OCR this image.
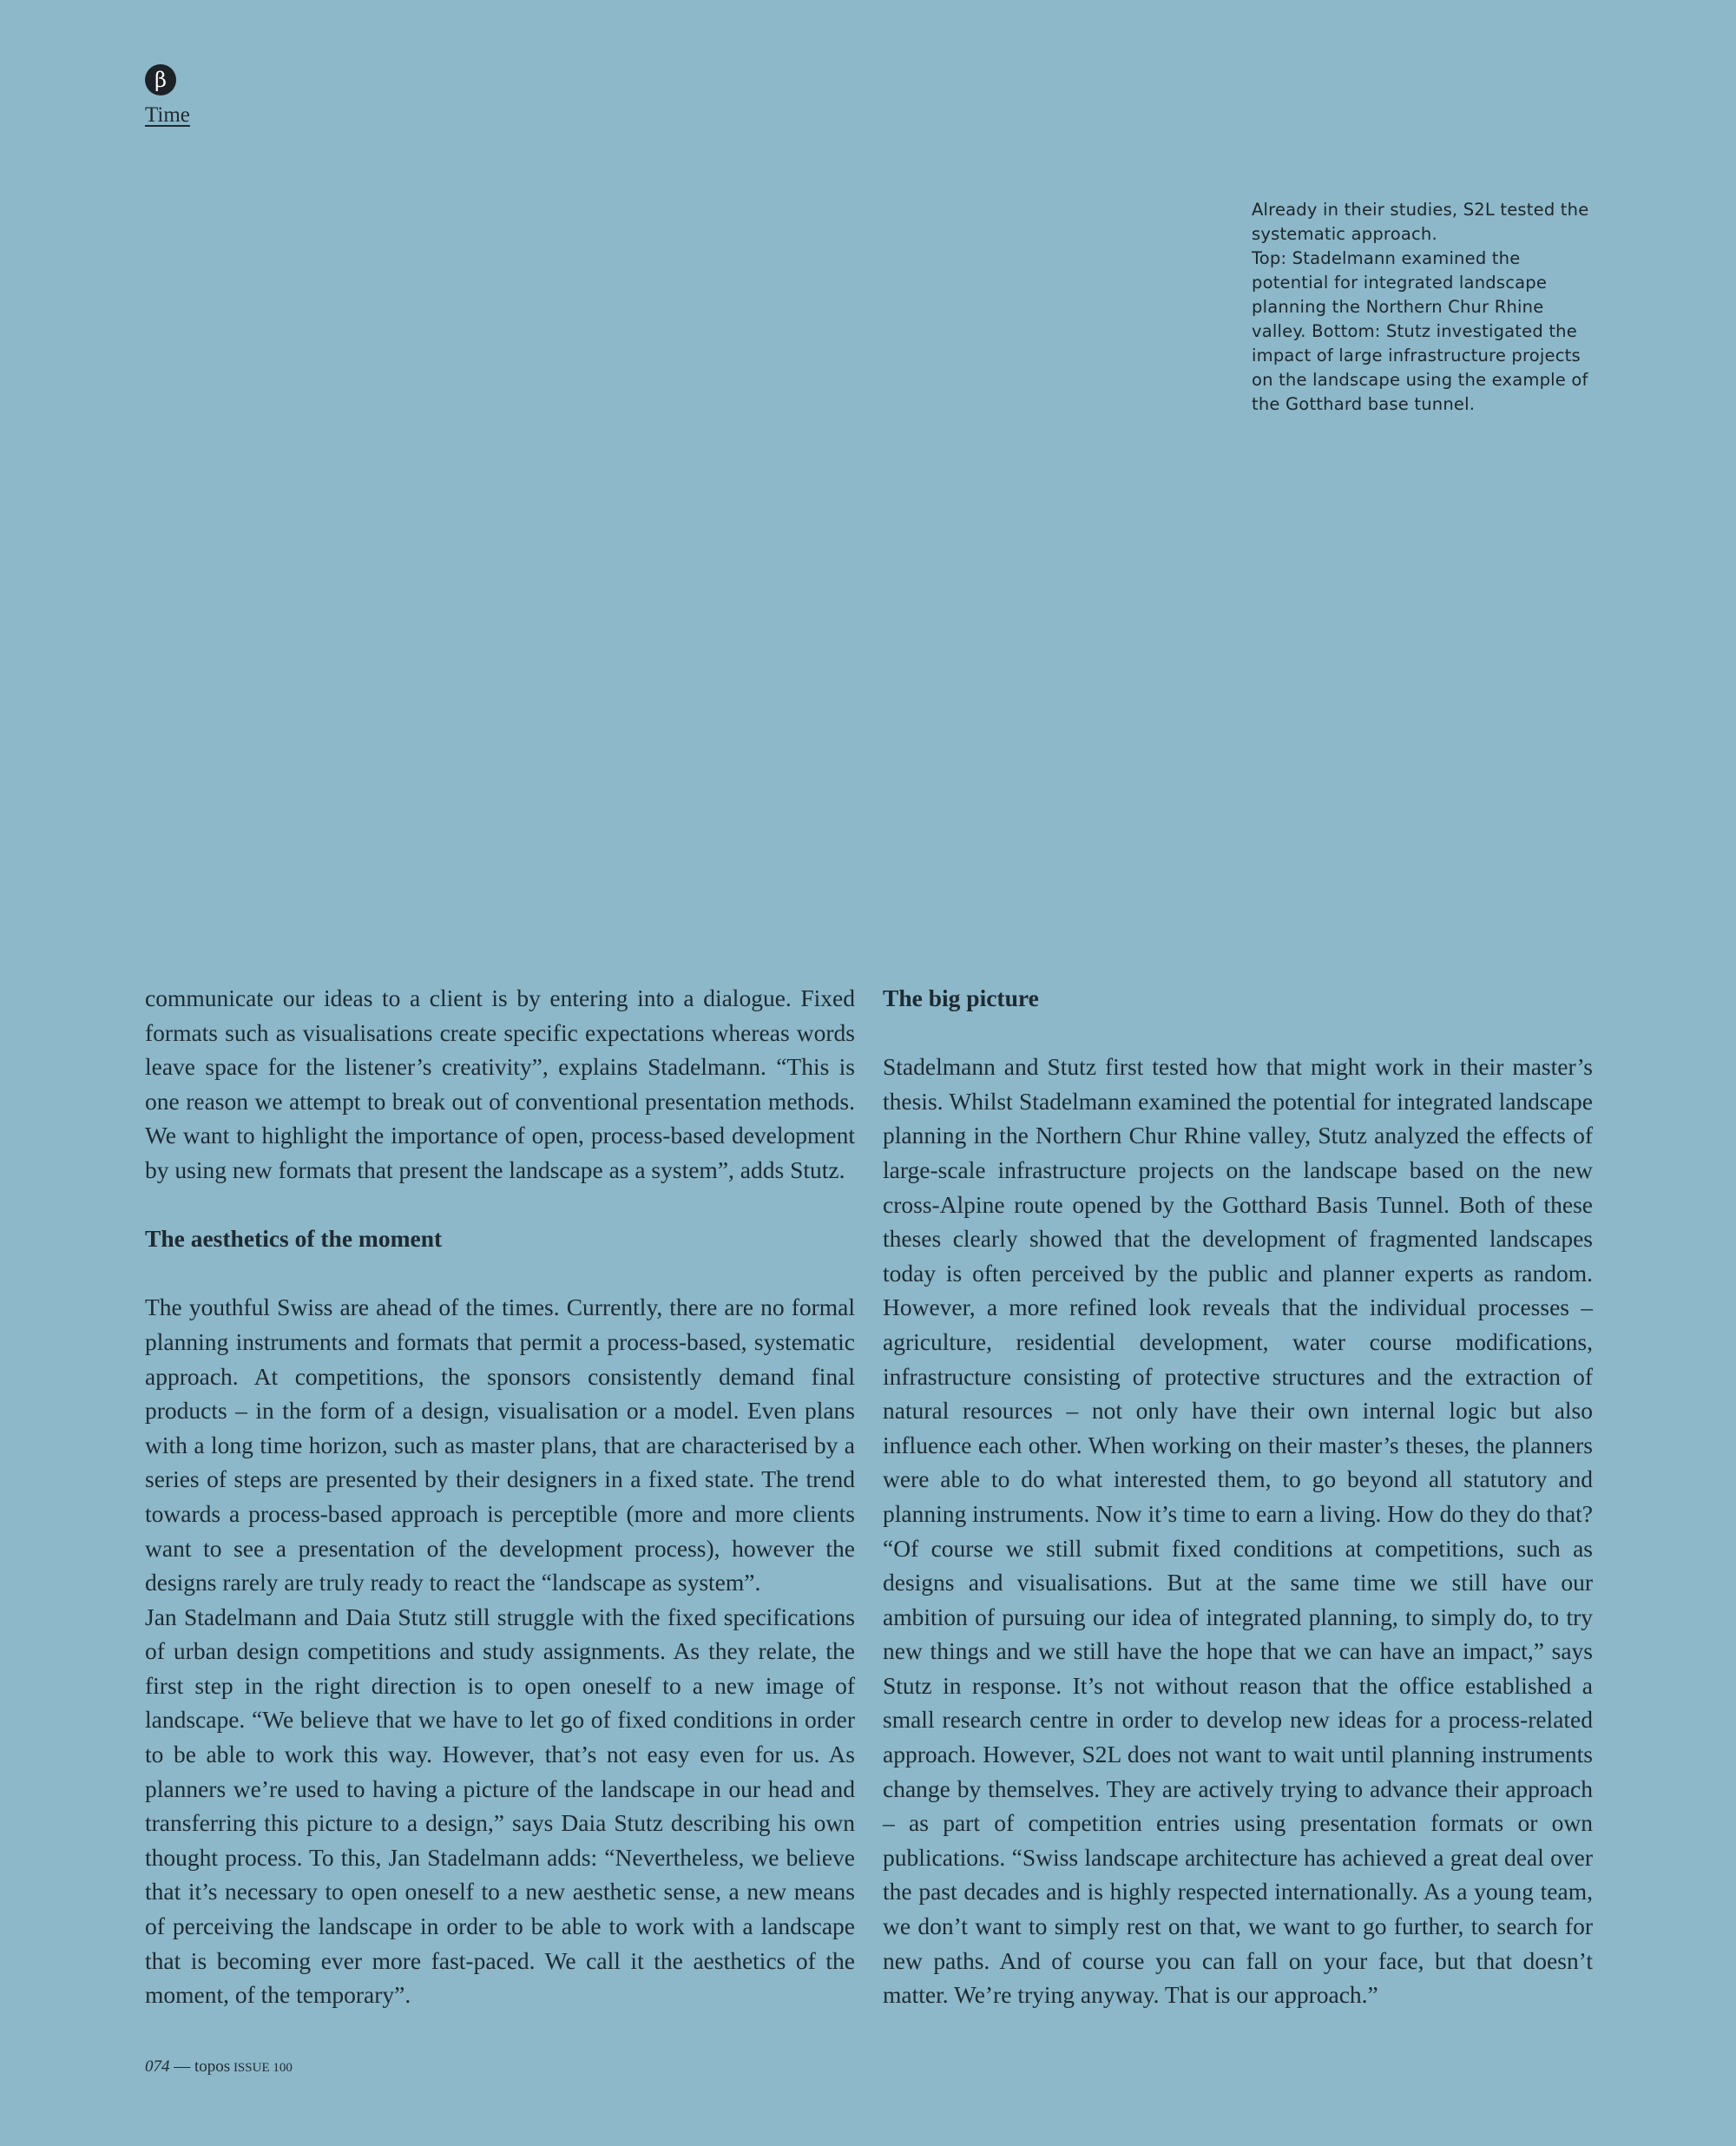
β
Time

Already in their studies, S2L tested the systematic approach.

Top: Stadelmann examined the potential for integrated landscape planning the Northern Chur Rhine valley. Bottom: Stutz investigated the impact of large infrastructure projects on the landscape using the example of the Gotthard base tunnel.

communicate our ideas to a client is by entering into a dialogue. Fixed formats such as visualisations create specific expectations whereas words leave space for the listener’s creativity”, explains Stadelmann. “This is one reason we attempt to break out of conventional presentation methods. We want to highlight the importance of open, process-based development by using new formats that present the landscape as a system”, adds Stutz.

The aesthetics of the moment

The youthful Swiss are ahead of the times. Currently, there are no formal planning instruments and formats that permit a process-based, systematic approach. At competitions, the sponsors consistently demand final products – in the form of a design, visualisation or a model. Even plans with a long time horizon, such as master plans, that are characterised by a series of steps are presented by their designers in a fixed state. The trend towards a process-based approach is perceptible (more and more clients want to see a presentation of the development process), however the designs rarely are truly ready to react the “landscape as system”.

Jan Stadelmann and Daia Stutz still struggle with the fixed specifications of urban design competitions and study assignments. As they relate, the first step in the right direction is to open oneself to a new image of landscape. “We believe that we have to let go of fixed conditions in order to be able to work this way. However, that’s not easy even for us. As planners we’re used to having a picture of the landscape in our head and transferring this picture to a design,” says Daia Stutz describing his own thought process. To this, Jan Stadelmann adds: “Nevertheless, we believe that it’s necessary to open oneself to a new aesthetic sense, a new means of perceiving the landscape in order to be able to work with a landscape that is becoming ever more fast-paced. We call it the aesthetics of the moment, of the temporary”.

The big picture

Stadelmann and Stutz first tested how that might work in their master’s thesis. Whilst Stadelmann examined the potential for integrated landscape planning in the Northern Chur Rhine valley, Stutz analyzed the effects of large-scale infrastructure projects on the landscape based on the new cross-Alpine route opened by the Gotthard Basis Tunnel. Both of these theses clearly showed that the development of fragmented landscapes today is often perceived by the public and planner experts as random. However, a more refined look reveals that the individual processes – agriculture, residential development, water course modifications, infrastructure consisting of protective structures and the extraction of natural resources – not only have their own internal logic but also influence each other. When working on their master’s theses, the planners were able to do what interested them, to go beyond all statutory and planning instruments. Now it’s time to earn a living. How do they do that? “Of course we still submit fixed conditions at competitions, such as designs and visualisations. But at the same time we still have our ambition of pursuing our idea of integrated planning, to simply do, to try new things and we still have the hope that we can have an impact,” says Stutz in response. It’s not without reason that the office established a small research centre in order to develop new ideas for a process-related approach. However, S2L does not want to wait until planning instruments change by themselves. They are actively trying to advance their approach – as part of competition entries using presentation formats or own publications. “Swiss landscape architecture has achieved a great deal over the past decades and is highly respected internationally. As a young team, we don’t want to simply rest on that, we want to go further, to search for new paths. And of course you can fall on your face, but that doesn’t matter. We’re trying anyway. That is our approach.”

074 — topos ISSUE 100
